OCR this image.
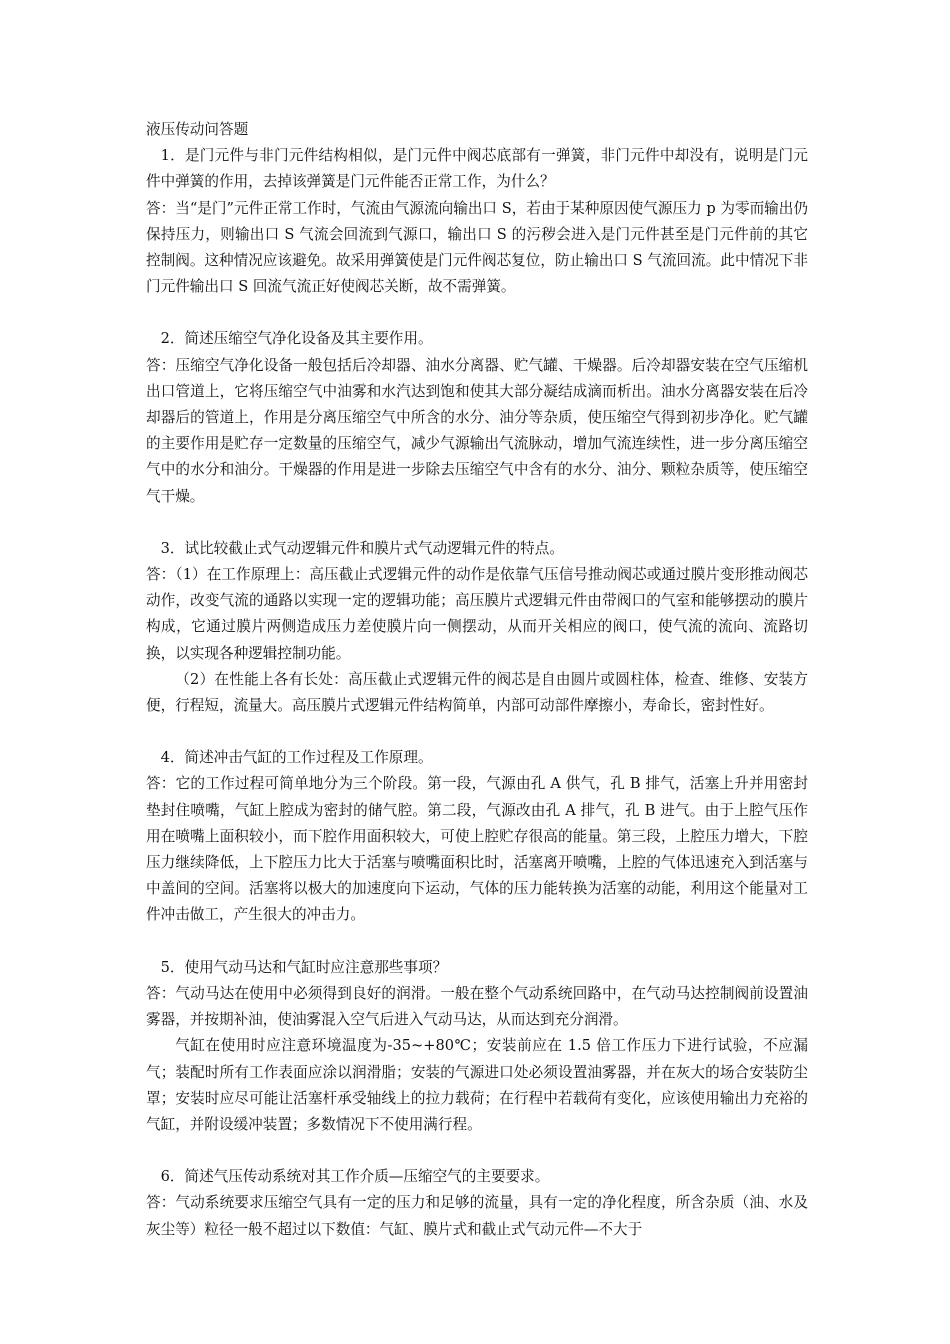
液压传动问答题

1．是门元件与非门元件结构相似，是门元件中阀芯底部有一弹簧，非门元件中却没有，说明是门元件中弹簧的作用，去掉该弹簧是门元件能否正常工作，为什么？

答：当“是门”元件正常工作时，气流由气源流向输出口 S，若由于某种原因使气源压力 p 为零而输出仍保持压力，则输出口 S 气流会回流到气源口，输出口 S 的污秽会进入是门元件甚至是门元件前的其它控制阀。这种情况应该避免。故采用弹簧使是门元件阀芯复位，防止输出口 S 气流回流。此中情况下非门元件输出口 S 回流气流正好使阀芯关断，故不需弹簧。

2．简述压缩空气净化设备及其主要作用。

答：压缩空气净化设备一般包括后冷却器、油水分离器、贮气罐、干燥器。后冷却器安装在空气压缩机出口管道上，它将压缩空气中油雾和水汽达到饱和使其大部分凝结成滴而析出。油水分离器安装在后冷却器后的管道上，作用是分离压缩空气中所含的水分、油分等杂质，使压缩空气得到初步净化。贮气罐的主要作用是贮存一定数量的压缩空气，减少气源输出气流脉动，增加气流连续性，进一步分离压缩空气中的水分和油分。干燥器的作用是进一步除去压缩空气中含有的水分、油分、颗粒杂质等，使压缩空气干燥。

3．试比较截止式气动逻辑元件和膜片式气动逻辑元件的特点。

答：（1）在工作原理上：高压截止式逻辑元件的动作是依靠气压信号推动阀芯或通过膜片变形推动阀芯动作，改变气流的通路以实现一定的逻辑功能；高压膜片式逻辑元件由带阀口的气室和能够摆动的膜片构成，它通过膜片两侧造成压力差使膜片向一侧摆动，从而开关相应的阀口，使气流的流向、流路切换，以实现各种逻辑控制功能。

（2）在性能上各有长处：高压截止式逻辑元件的阀芯是自由圆片或圆柱体，检查、维修、安装方便，行程短，流量大。高压膜片式逻辑元件结构简单，内部可动部件摩擦小，寿命长，密封性好。

4．简述冲击气缸的工作过程及工作原理。

答：它的工作过程可简单地分为三个阶段。第一段，气源由孔 A 供气，孔 B 排气，活塞上升并用密封垫封住喷嘴，气缸上腔成为密封的储气腔。第二段，气源改由孔 A 排气，孔 B 进气。由于上腔气压作用在喷嘴上面积较小，而下腔作用面积较大，可使上腔贮存很高的能量。第三段，上腔压力增大，下腔压力继续降低，上下腔压力比大于活塞与喷嘴面积比时，活塞离开喷嘴，上腔的气体迅速充入到活塞与中盖间的空间。活塞将以极大的加速度向下运动，气体的压力能转换为活塞的动能，利用这个能量对工件冲击做工，产生很大的冲击力。

5．使用气动马达和气缸时应注意那些事项？

答：气动马达在使用中必须得到良好的润滑。一般在整个气动系统回路中，在气动马达控制阀前设置油雾器，并按期补油，使油雾混入空气后进入气动马达，从而达到充分润滑。

气缸在使用时应注意环境温度为-35~+80℃；安装前应在 1.5 倍工作压力下进行试验，不应漏气；装配时所有工作表面应涂以润滑脂；安装的气源进口处必须设置油雾器，并在灰大的场合安装防尘罩；安装时应尽可能让活塞杆承受轴线上的拉力载荷；在行程中若载荷有变化，应该使用输出力充裕的气缸，并附设缓冲装置；多数情况下不使用满行程。

6．简述气压传动系统对其工作介质—压缩空气的主要要求。

答：气动系统要求压缩空气具有一定的压力和足够的流量，具有一定的净化程度，所含杂质（油、水及灰尘等）粒径一般不超过以下数值：气缸、膜片式和截止式气动元件—不大于
